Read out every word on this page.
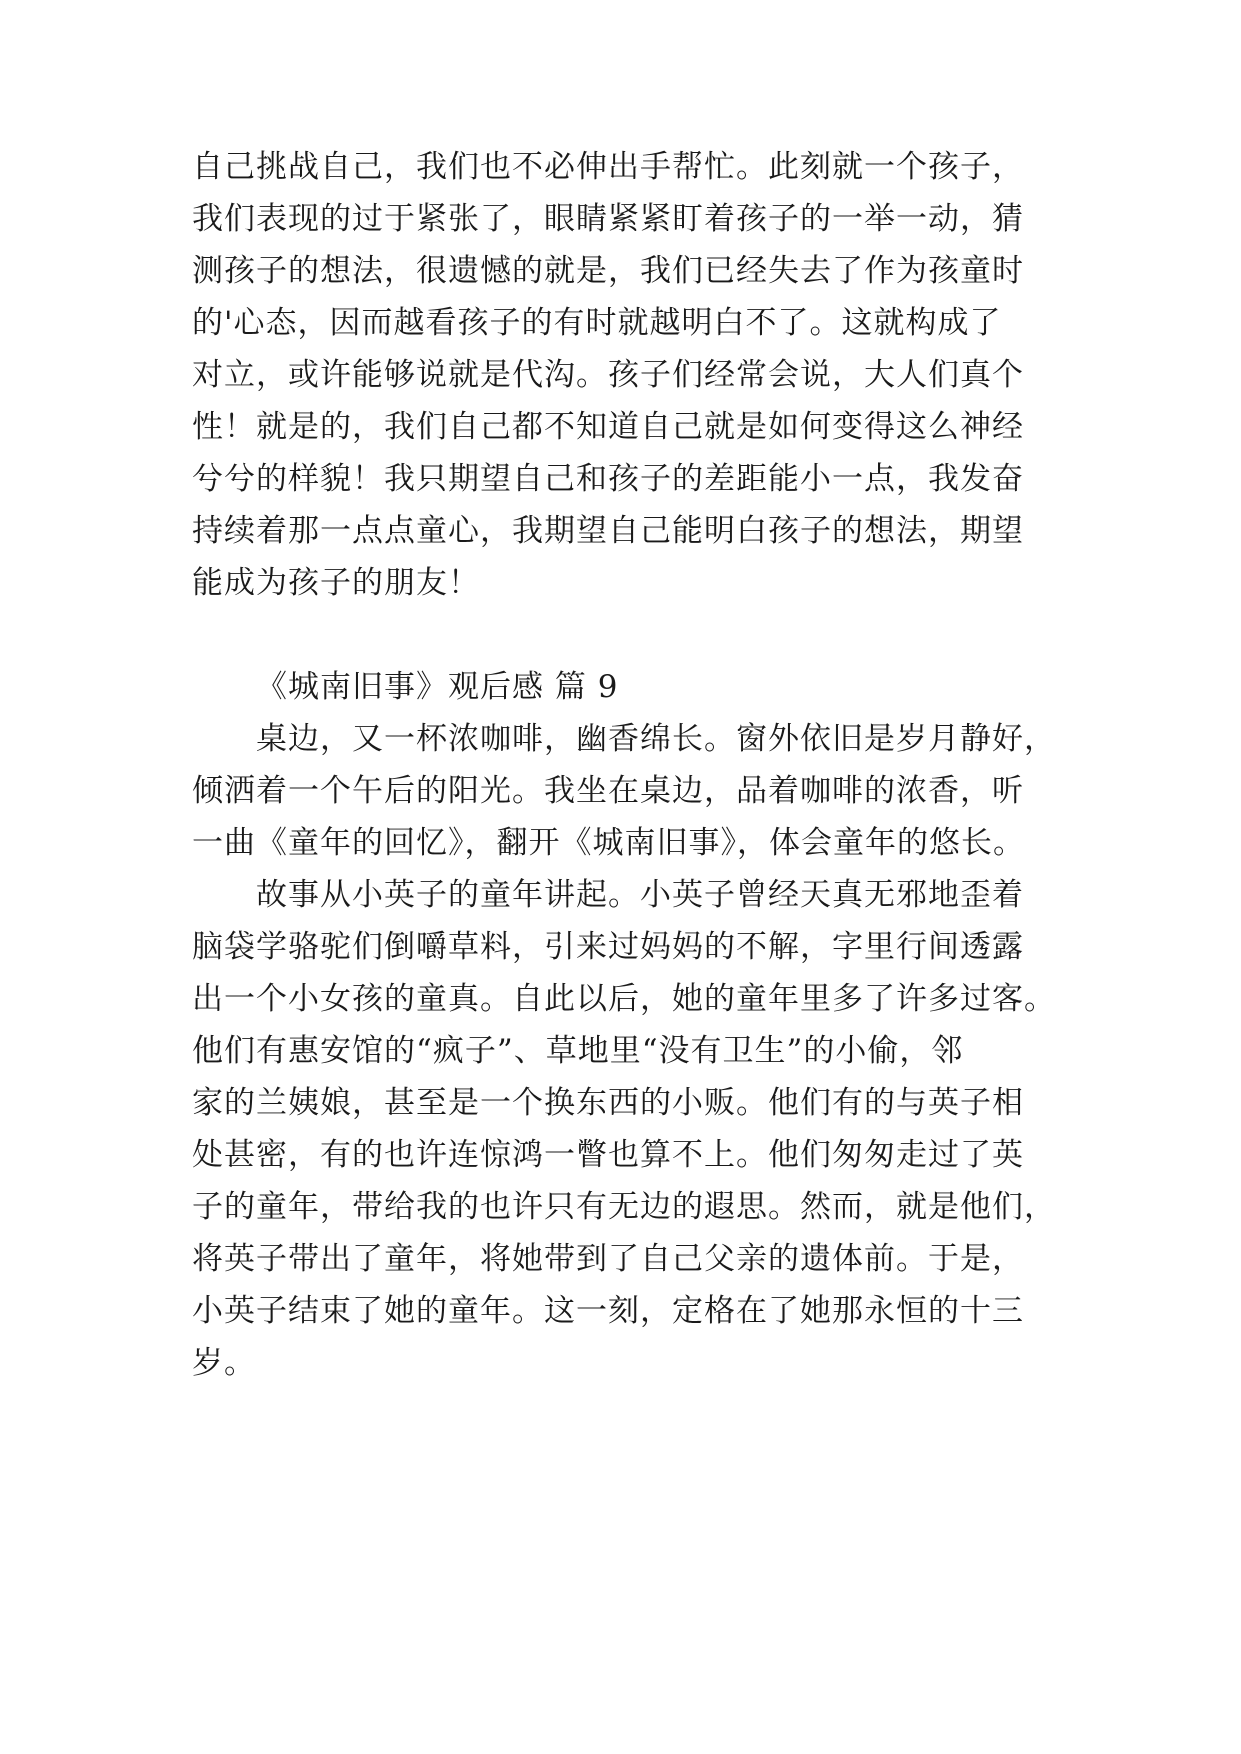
自己挑战自己，我们也不必伸出手帮忙。此刻就一个孩子，
我们表现的过于紧张了，眼睛紧紧盯着孩子的一举一动，猜
测孩子的想法，很遗憾的就是，我们已经失去了作为孩童时
的'心态，因而越看孩子的有时就越明白不了。这就构成了
对立，或许能够说就是代沟。孩子们经常会说，大人们真个
性！就是的，我们自己都不知道自己就是如何变得这么神经
兮兮的样貌！我只期望自己和孩子的差距能小一点，我发奋
持续着那一点点童心，我期望自己能明白孩子的想法，期望
能成为孩子的朋友！
《城南旧事》观后感 篇 9
桌边，又一杯浓咖啡，幽香绵长。窗外依旧是岁月静好，
倾洒着一个午后的阳光。我坐在桌边，品着咖啡的浓香，听
一曲《童年的回忆》，翻开《城南旧事》，体会童年的悠长。
故事从小英子的童年讲起。小英子曾经天真无邪地歪着
脑袋学骆驼们倒嚼草料，引来过妈妈的不解，字里行间透露
出一个小女孩的童真。自此以后，她的童年里多了许多过客。
他们有惠安馆的“疯子”、草地里“没有卫生”的小偷，邻
家的兰姨娘，甚至是一个换东西的小贩。他们有的与英子相
处甚密，有的也许连惊鸿一瞥也算不上。他们匆匆走过了英
子的童年，带给我的也许只有无边的遐思。然而，就是他们，
将英子带出了童年，将她带到了自己父亲的遗体前。于是，
小英子结束了她的童年。这一刻，定格在了她那永恒的十三
岁。
